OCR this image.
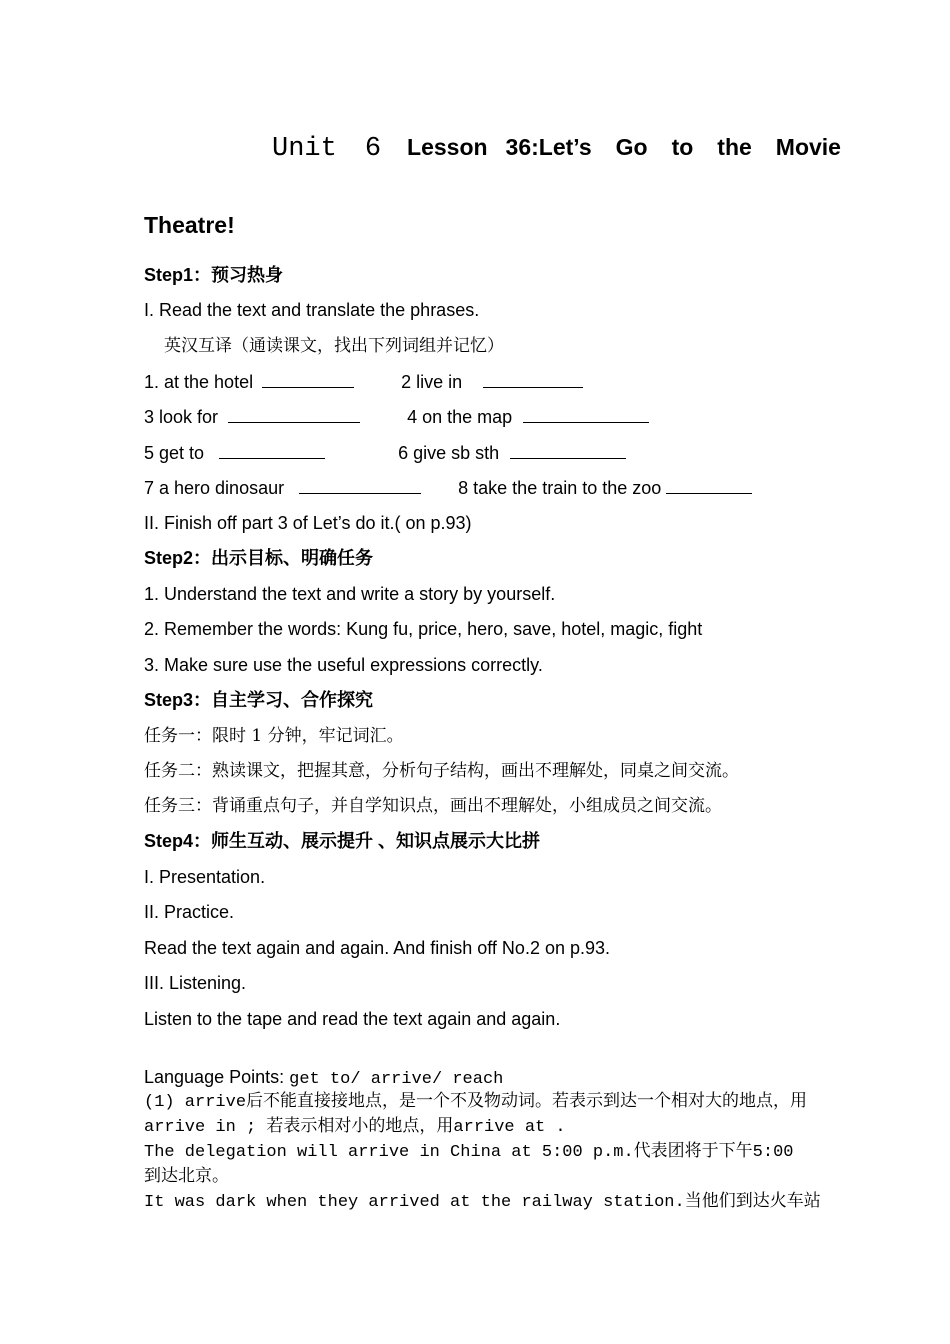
Unit 6 Lesson 36:Let’s Go to the Movie
Theatre!
Step1：预习热身
I. Read the text and translate the phrases.
英汉互译（通读课文，找出下列词组并记忆）
1. at the hotel	2 live in
3 look for	4 on the map
5 get to	6 give sb sth
7 a hero dinosaur	8 take the train to the zoo
II. Finish off part 3 of Let’s do it.( on p.93)
Step2：出示目标、明确任务
1. Understand the text and write a story by yourself.
2. Remember the words: Kung fu, price, hero, save, hotel, magic, fight
3. Make sure use the useful expressions correctly.
Step3：自主学习、合作探究
任务一：限时 1 分钟，牢记词汇。
任务二：熟读课文，把握其意，分析句子结构，画出不理解处，同桌之间交流。
任务三：背诵重点句子，并自学知识点，画出不理解处，小组成员之间交流。
Step4：师生互动、展示提升 、知识点展示大比拼
I. Presentation.
II. Practice.
Read the text again and again. And finish off No.2 on p.93.
III. Listening.
Listen to the tape and read the text again and again.
Language Points: get to/ arrive/ reach
(1) arrive后不能直接接地点，是一个不及物动词。若表示到达一个相对大的地点，用arrive in ; 若表示相对小的地点，用arrive at .
The delegation will arrive in China at 5:00 p.m.代表团将于下午5:00到达北京。
It was dark when they arrived at the railway station.当他们到达火车站
